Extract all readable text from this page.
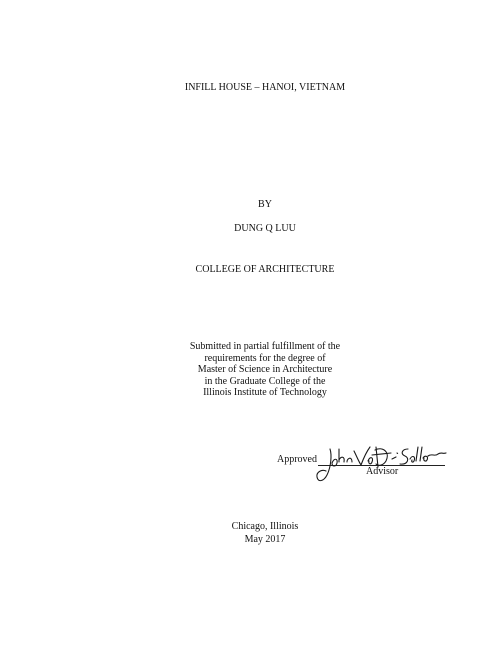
INFILL HOUSE – HANOI, VIETNAM
BY
DUNG Q LUU
COLLEGE OF ARCHITECTURE
Submitted in partial fulfillment of the
requirements for the degree of
Master of Science in Architecture
in the Graduate College of the
Illinois Institute of Technology
Approved
Advisor
Chicago, Illinois
May 2017
